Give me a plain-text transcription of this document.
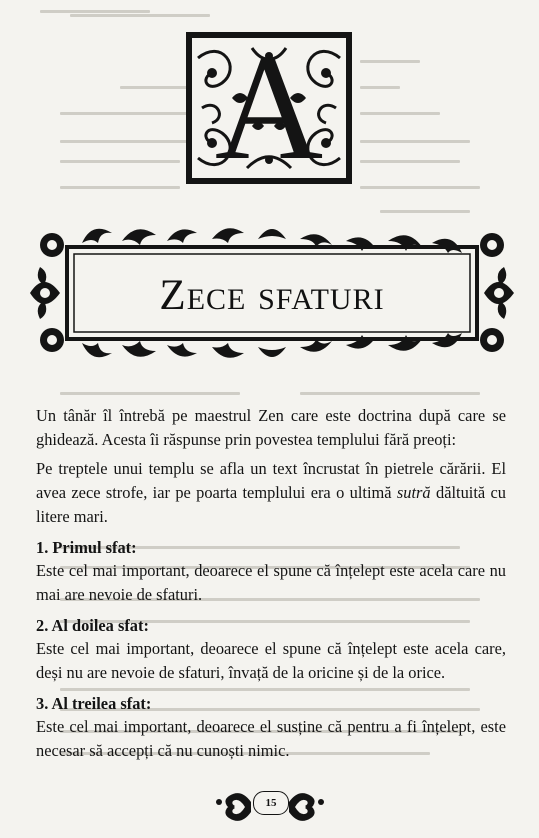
A
Zece sfaturi

Un tânăr îl întrebă pe maestrul Zen care este doctrina după care se ghidează. Acesta îi răspunse prin povestea templului fără preoți:

Pe treptele unui templu se afla un text încrustat în pietrele cărării. El avea zece strofe, iar pe poarta templului era o ultimă sutră dăltuită cu litere mari.

1. Primul sfat:

Este cel mai important, deoarece el spune că înțelept este acela care nu mai are nevoie de sfaturi.

2. Al doilea sfat:

Este cel mai important, deoarece el spune că înțelept este acela care, deși nu are nevoie de sfaturi, învață de la oricine și de la orice.

3. Al treilea sfat:

Este cel mai important, deoarece el susține că pentru a fi înțelept, este necesar să accepți că nu cunoști nimic.

15
